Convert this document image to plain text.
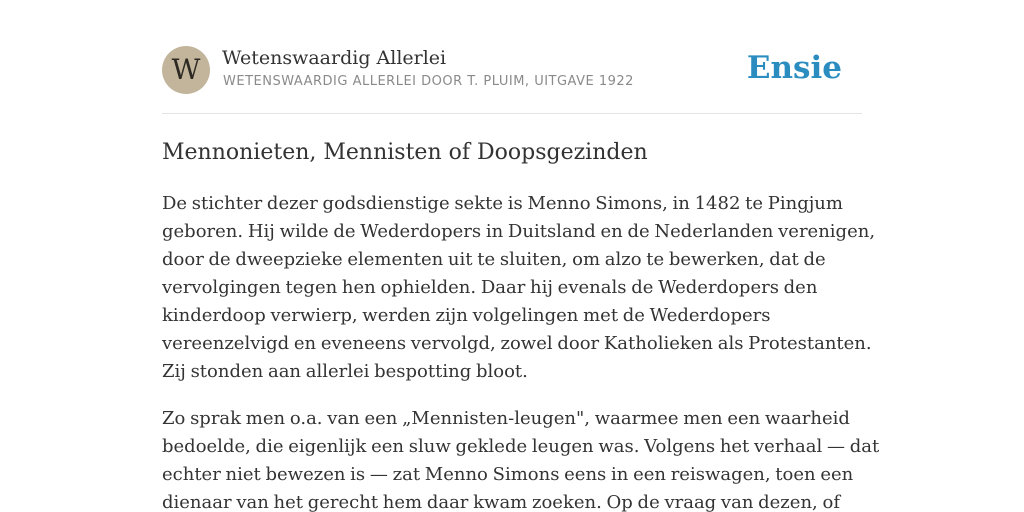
W	Wetenswaardig Allerlei
WETENSWAARDIG ALLERLEI DOOR T. PLUIM, UITGAVE 1922	Ensie
Mennonieten, Mennisten of Doopsgezinden

De stichter dezer godsdienstige sekte is Menno Simons, in 1482 te Pingjum
geboren. Hij wilde de Wederdopers in Duitsland en de Nederlanden verenigen,
door de dweepzieke elementen uit te sluiten, om alzo te bewerken, dat de
vervolgingen tegen hen ophielden. Daar hij evenals de Wederdopers den
kinderdoop verwierp, werden zijn volgelingen met de Wederdopers
vereenzelvigd en eveneens vervolgd, zowel door Katholieken als Protestanten.
Zij stonden aan allerlei bespotting bloot.

Zo sprak men o.a. van een „Mennisten-leugen", waarmee men een waarheid
bedoelde, die eigenlijk een sluw geklede leugen was. Volgens het verhaal — dat
echter niet bewezen is — zat Menno Simons eens in een reiswagen, toen een
dienaar van het gerecht hem daar kwam zoeken. Op de vraag van dezen, of
